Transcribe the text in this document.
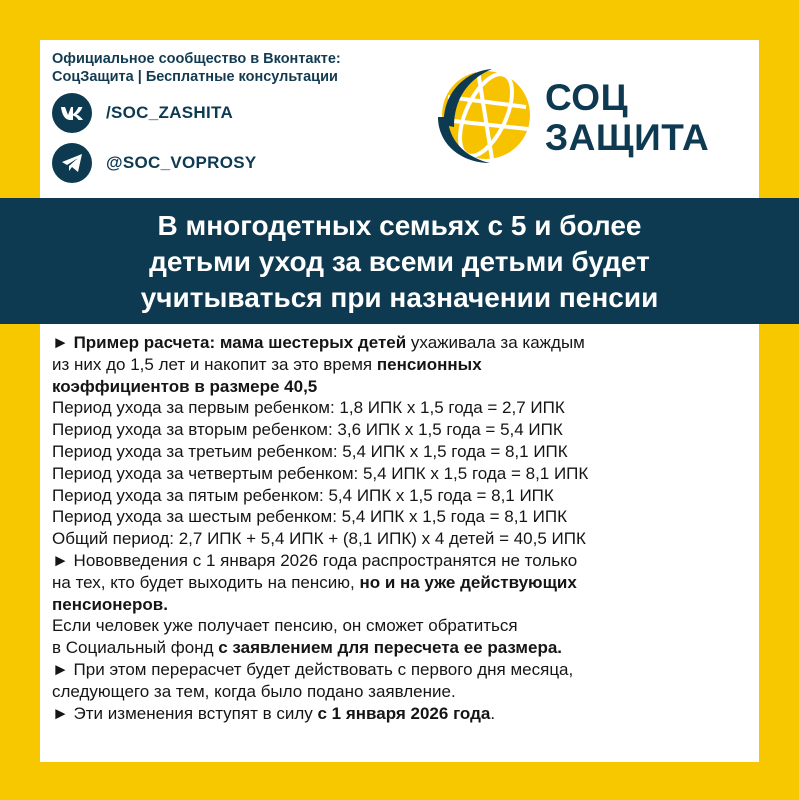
Официальное сообщество в Вконтакте:
СоцЗащита | Бесплатные консультации
/SOC_ZASHITA
@SOC_VOPROSY
СОЦ
ЗАЩИТА
В многодетных семьях с 5 и более
детьми уход за всеми детьми будет
учитываться при назначении пенсии
► Пример расчета: мама шестерых детей ухаживала за каждым
из них до 1,5 лет и накопит за это время пенсионных
коэффициентов в размере 40,5
Период ухода за первым ребенком: 1,8 ИПК х 1,5 года = 2,7 ИПК
Период ухода за вторым ребенком: 3,6 ИПК х 1,5 года = 5,4 ИПК
Период ухода за третьим ребенком: 5,4 ИПК х 1,5 года = 8,1 ИПК
Период ухода за четвертым ребенком: 5,4 ИПК х 1,5 года = 8,1 ИПК
Период ухода за пятым ребенком: 5,4 ИПК х 1,5 года = 8,1 ИПК
Период ухода за шестым ребенком: 5,4 ИПК х 1,5 года = 8,1 ИПК
Общий период: 2,7 ИПК + 5,4 ИПК + (8,1 ИПК) х 4 детей = 40,5 ИПК
► Нововведения с 1 января 2026 года распространятся не только
на тех, кто будет выходить на пенсию, но и на уже действующих
пенсионеров.
Если человек уже получает пенсию, он сможет обратиться
в Социальный фонд с заявлением для пересчета ее размера.
► При этом перерасчет будет действовать с первого дня месяца,
следующего за тем, когда было подано заявление.
► Эти изменения вступят в силу с 1 января 2026 года.
